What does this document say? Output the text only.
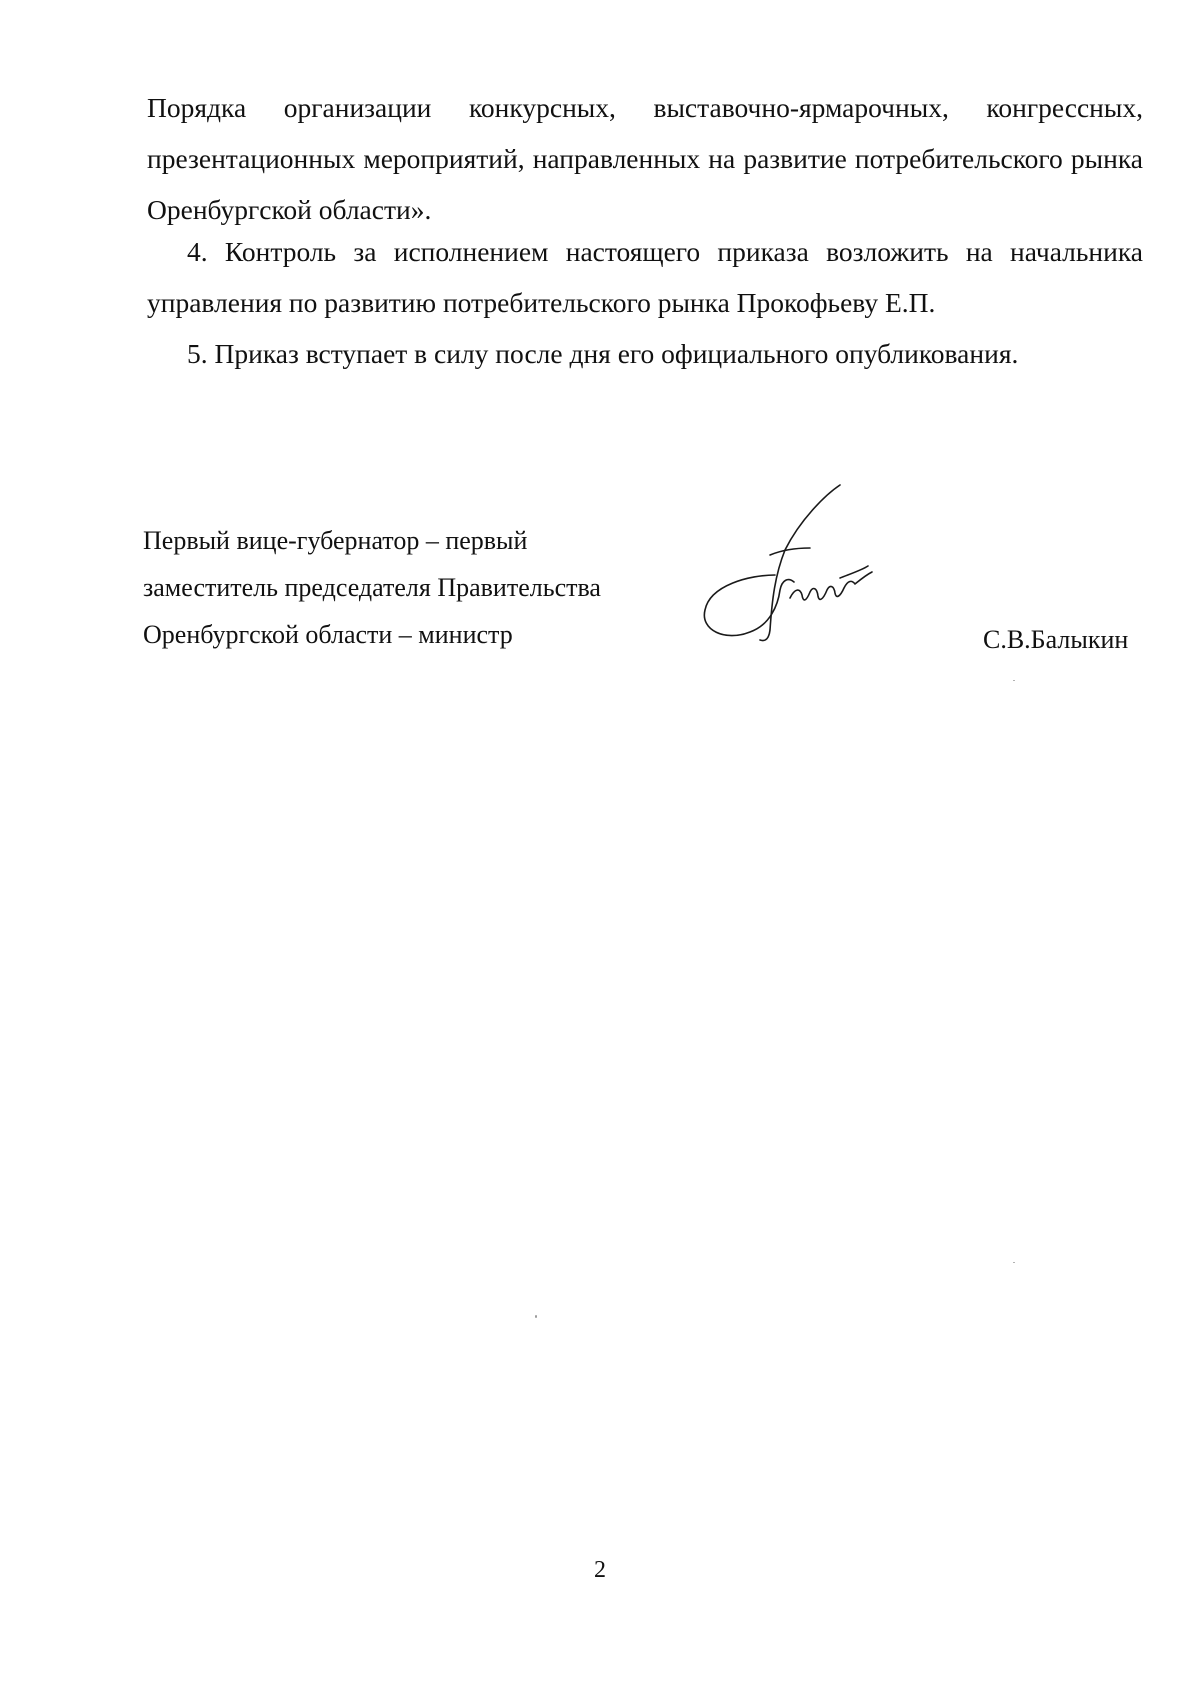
Порядка организации конкурсных, выставочно-ярмарочных, конгрессных, презентационных мероприятий, направленных на развитие потребительского рынка Оренбургской области».

4. Контроль за исполнением настоящего приказа возложить на начальника управления по развитию потребительского рынка Прокофьеву Е.П.

5. Приказ вступает в силу после дня его официального опубликования.

Первый вице-губернатор – первый
заместитель председателя Правительства
Оренбургской области – министр	С.В.Балыкин
2
